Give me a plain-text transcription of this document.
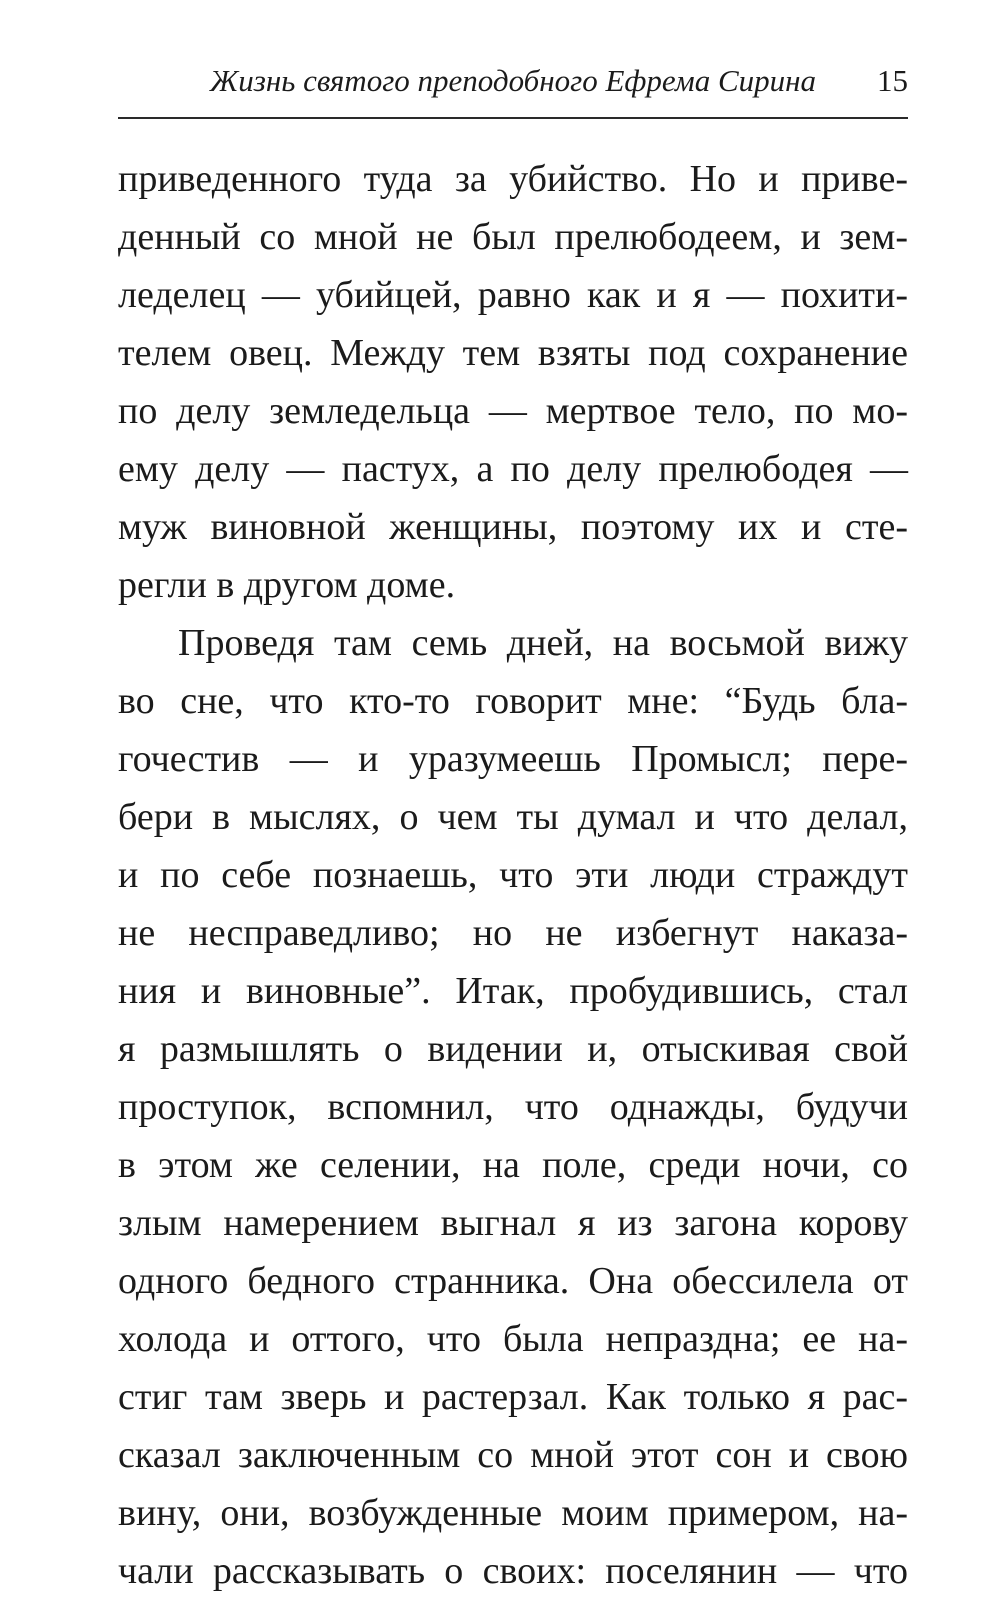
Жизнь святого преподобного Ефрема Сирина 15
приведенного туда за убийство. Но и приве-
денный со мной не был прелюбодеем, и зем-
леделец — убийцей, равно как и я — похити-
телем овец. Между тем взяты под сохранение
по делу земледельца — мертвое тело, по мо-
ему делу — пастух, а по делу прелюбодея —
муж виновной женщины, поэтому их и сте-
регли в другом доме.
Проведя там семь дней, на восьмой вижу
во сне, что кто-то говорит мне: “Будь бла-
гочестив — и уразумеешь Промысл; пере-
бери в мыслях, о чем ты думал и что делал,
и по себе познаешь, что эти люди страждут
не несправедливо; но не избегнут наказа-
ния и виновные”. Итак, пробудившись, стал
я размышлять о видении и, отыскивая свой
проступок, вспомнил, что однажды, будучи
в этом же селении, на поле, среди ночи, со
злым намерением выгнал я из загона корову
одного бедного странника. Она обессилела от
холода и оттого, что была непраздна; ее на-
стиг там зверь и растерзал. Как только я рас-
сказал заключенным со мной этот сон и свою
вину, они, возбужденные моим примером, на-
чали рассказывать о своих: поселянин — что
